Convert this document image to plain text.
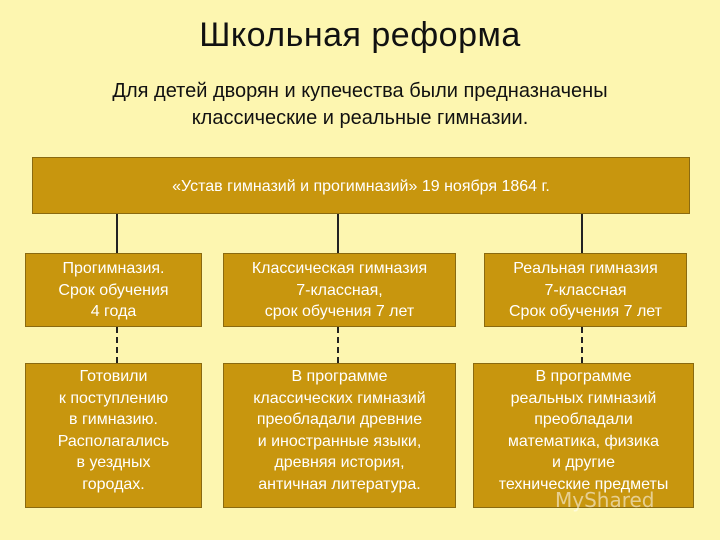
Школьная реформа
Для детей дворян и купечества были предназначены
классические и реальные гимназии.
«Устав гимназий и прогимназий» 19 ноября 1864 г.
Прогимназия.
Срок обучения
4 года
Классическая гимназия
7-классная,
срок обучения 7 лет
Реальная гимназия
7-классная
Срок обучения 7 лет
Готовили
к поступлению
в гимназию.
Располагались
в уездных
городах.
В программе
классических гимназий
преобладали древние
и иностранные языки,
древняя история,
античная литература.
В программе
реальных гимназий
преобладали
математика, физика
и другие
технические предметы
MyShared
